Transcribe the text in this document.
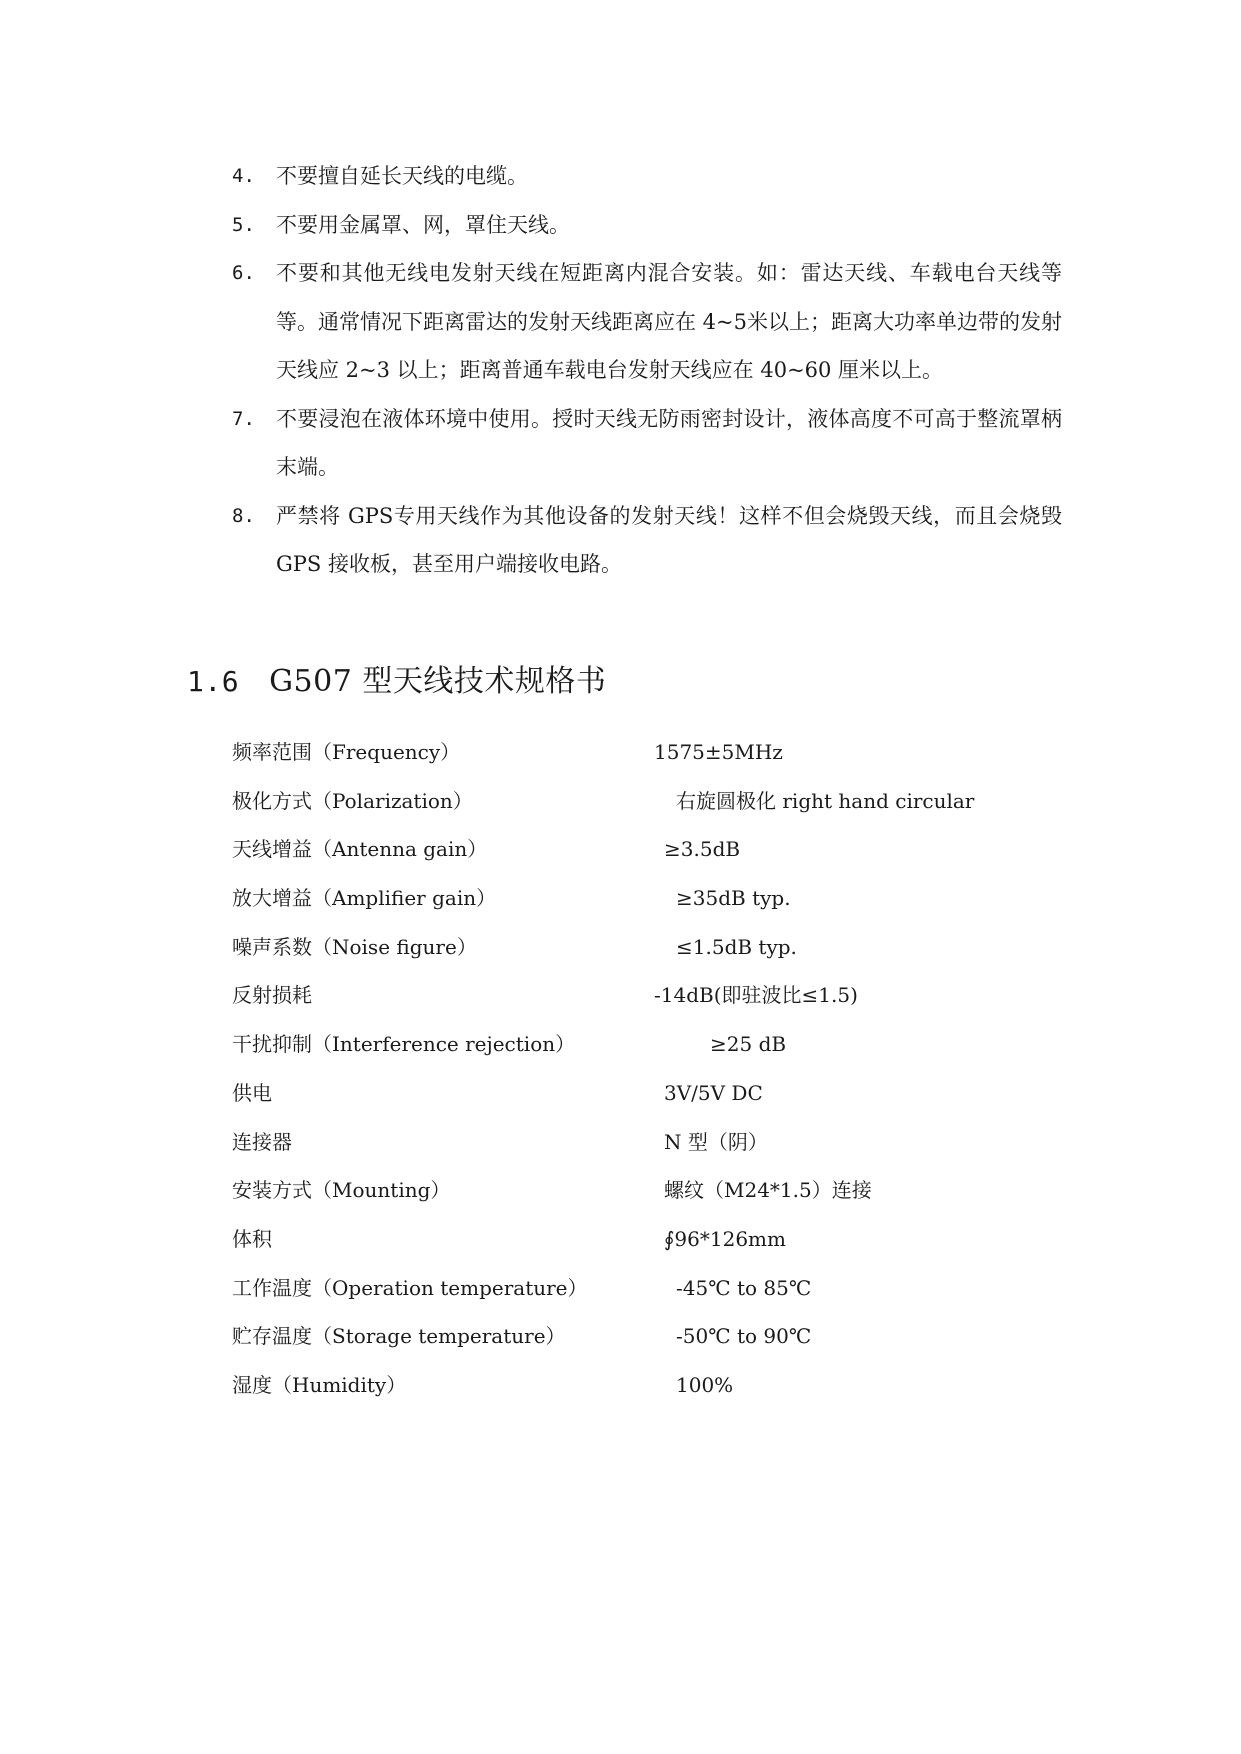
4.	不要擅自延长天线的电缆。
5.	不要用金属罩、网，罩住天线。
6.	不要和其他无线电发射天线在短距离内混合安装。如：雷达天线、车载电台天线等等。通常情况下距离雷达的发射天线距离应在 4~5米以上；距离大功率单边带的发射天线应 2~3 以上；距离普通车载电台发射天线应在 40~60 厘米以上。
7.	不要浸泡在液体环境中使用。授时天线无防雨密封设计，液体高度不可高于整流罩柄末端。
8.	严禁将 GPS专用天线作为其他设备的发射天线！这样不但会烧毁天线，而且会烧毁 GPS 接收板，甚至用户端接收电路。
1.6 G507 型天线技术规格书
频率范围（Frequency）	1575±5MHz
极化方式（Polarization）	右旋圆极化 right hand circular
天线增益（Antenna gain）	≥3.5dB
放大增益（Amplifier gain）	≥35dB typ.
噪声系数（Noise figure）	≤1.5dB typ.
反射损耗	-14dB(即驻波比≤1.5)
干扰抑制（Interference rejection）	≥25 dB
供电	3V/5V DC
连接器	N 型（阴）
安装方式（Mounting）	螺纹（M24*1.5）连接
体积	∮96*126mm
工作温度（Operation temperature）	-45℃ to 85℃
贮存温度（Storage temperature）	-50℃ to 90℃
湿度（Humidity）	100%
